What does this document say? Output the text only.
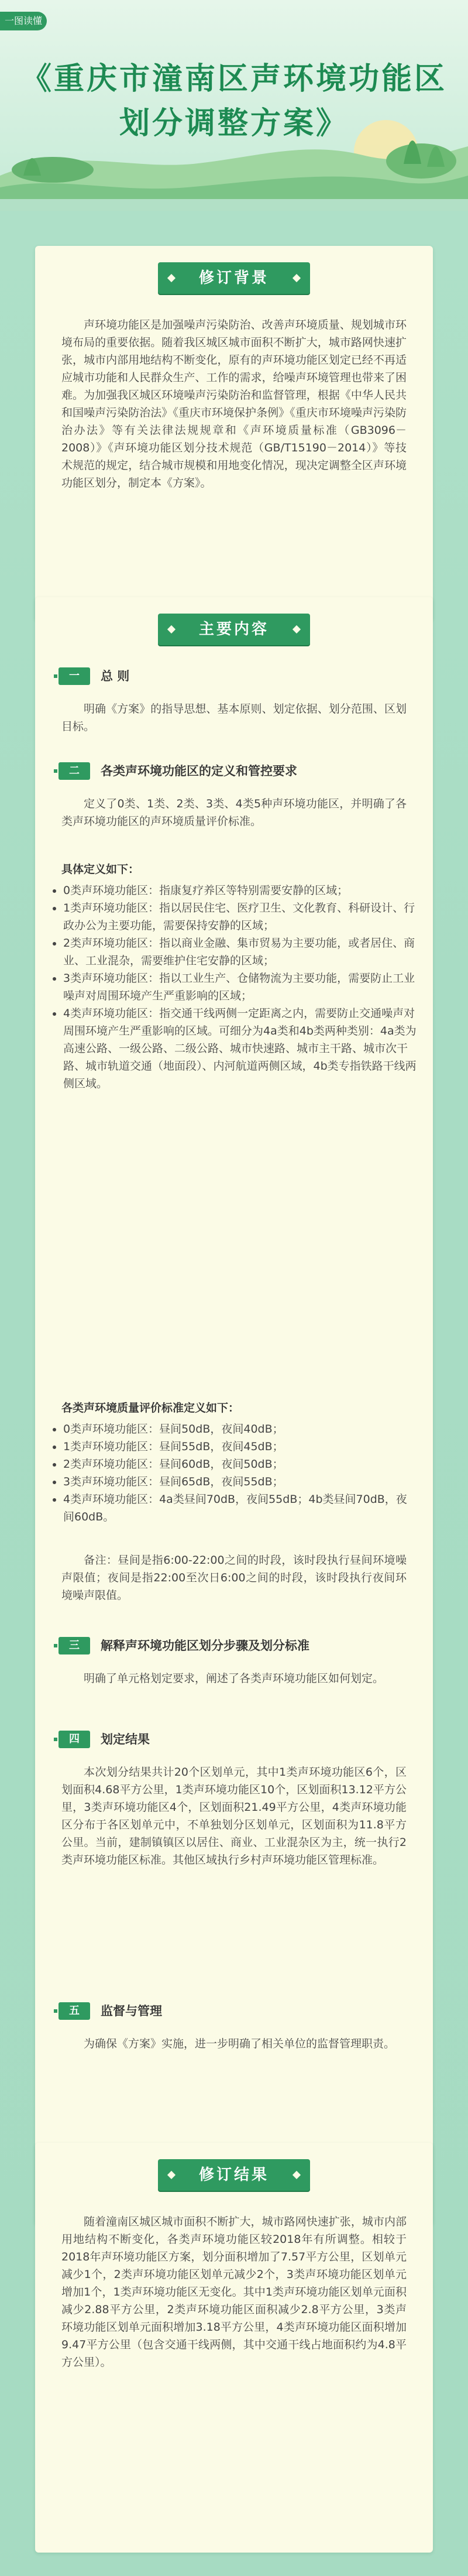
一图读懂
《重庆市潼南区声环境功能区
划分调整方案》
修订背景
声环境功能区是加强噪声污染防治、改善声环境质量、规划城市环境布局的重要依据。随着我区城区城市面积不断扩大，城市路网快速扩张，城市内部用地结构不断变化，原有的声环境功能区划定已经不再适应城市功能和人民群众生产、工作的需求，给噪声环境管理也带来了困难。为加强我区城区环境噪声污染防治和监督管理，根据《中华人民共和国噪声污染防治法》《重庆市环境保护条例》《重庆市环境噪声污染防治办法》等有关法律法规规章和《声环境质量标准（GB3096－2008）》《声环境功能区划分技术规范（GB/T15190－2014）》等技术规范的规定，结合城市规模和用地变化情况，现决定调整全区声环境功能区划分，制定本《方案》。
主要内容
一	总 则
明确《方案》的指导思想、基本原则、划定依据、划分范围、区划目标。
二	各类声环境功能区的定义和管控要求
定义了0类、1类、2类、3类、4类5种声环境功能区，并明确了各类声环境功能区的声环境质量评价标准。
具体定义如下：
• 0类声环境功能区：指康复疗养区等特别需要安静的区域；
• 1类声环境功能区：指以居民住宅、医疗卫生、文化教育、科研设计、行政办公为主要功能，需要保持安静的区域；
• 2类声环境功能区：指以商业金融、集市贸易为主要功能，或者居住、商业、工业混杂，需要维护住宅安静的区域；
• 3类声环境功能区：指以工业生产、仓储物流为主要功能，需要防止工业噪声对周围环境产生严重影响的区域；
• 4类声环境功能区：指交通干线两侧一定距离之内，需要防止交通噪声对周围环境产生严重影响的区域。可细分为4a类和4b类两种类别：4a类为高速公路、一级公路、二级公路、城市快速路、城市主干路、城市次干路、城市轨道交通（地面段）、内河航道两侧区域，4b类专指铁路干线两侧区域。
各类声环境质量评价标准定义如下：
• 0类声环境功能区：昼间50dB，夜间40dB；
• 1类声环境功能区：昼间55dB，夜间45dB；
• 2类声环境功能区：昼间60dB，夜间50dB；
• 3类声环境功能区：昼间65dB，夜间55dB；
• 4类声环境功能区：4a类昼间70dB，夜间55dB；4b类昼间70dB，夜间60dB。
备注：昼间是指6:00-22:00之间的时段，该时段执行昼间环境噪声限值；夜间是指22:00至次日6:00之间的时段，该时段执行夜间环境噪声限值。
三	解释声环境功能区划分步骤及划分标准
明确了单元格划定要求，阐述了各类声环境功能区如何划定。
四	划定结果
本次划分结果共计20个区划单元，其中1类声环境功能区6个，区划面积4.68平方公里，1类声环境功能区10个，区划面积13.12平方公里，3类声环境功能区4个，区划面积21.49平方公里，4类声环境功能区分布于各区划单元中，不单独划分区划单元，区划面积为11.8平方公里。当前，建制镇镇区以居住、商业、工业混杂区为主，统一执行2类声环境功能区标准。其他区域执行乡村声环境功能区管理标准。
五	监督与管理
为确保《方案》实施，进一步明确了相关单位的监督管理职责。
修订结果
随着潼南区城区城市面积不断扩大，城市路网快速扩张，城市内部用地结构不断变化，各类声环境功能区较2018年有所调整。相较于2018年声环境功能区方案，划分面积增加了7.57平方公里，区划单元减少1个，2类声环境功能区划单元减少2个，3类声环境功能区划单元增加1个，1类声环境功能区无变化。其中1类声环境功能区划单元面积减少2.88平方公里，2类声环境功能区面积减少2.8平方公里，3类声环境功能区划单元面积增加3.18平方公里，4类声环境功能区面积增加9.47平方公里（包含交通干线两侧，其中交通干线占地面积约为4.8平方公里）。
